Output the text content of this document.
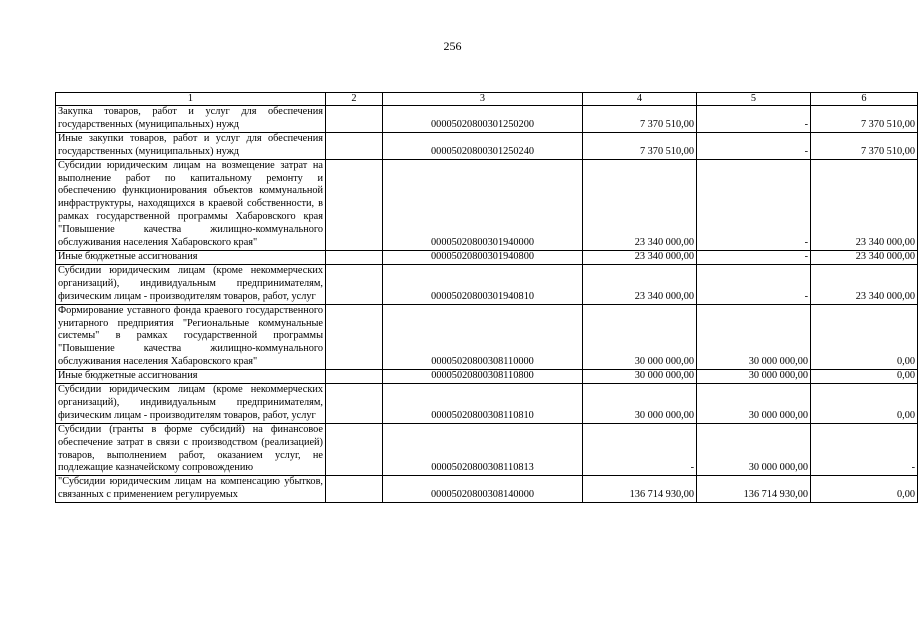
256
1	2	3	4	5	6
Закупка товаров, работ и услуг для обеспечения государственных (муниципальных) нужд		00005020800301250200	7 370 510,00	-	7 370 510,00
Иные закупки товаров, работ и услуг для обеспечения государственных (муниципальных) нужд		00005020800301250240	7 370 510,00	-	7 370 510,00
Субсидии юридическим лицам на возмещение затрат на выполнение работ по капитальному ремонту и обеспечению функционирования объектов коммунальной инфраструктуры, находящихся в краевой собственности, в рамках государственной программы Хабаровского края "Повышение качества жилищно-коммунального обслуживания населения Хабаровского края"		00005020800301940000	23 340 000,00	-	23 340 000,00
Иные бюджетные ассигнования		00005020800301940800	23 340 000,00	-	23 340 000,00
Субсидии юридическим лицам (кроме некоммерческих организаций), индивидуальным предпринимателям, физическим лицам - производителям товаров, работ, услуг		00005020800301940810	23 340 000,00	-	23 340 000,00
Формирование уставного фонда краевого государственного унитарного предприятия "Региональные коммунальные системы" в рамках государственной программы "Повышение качества жилищно-коммунального обслуживания населения Хабаровского края"		00005020800308110000	30 000 000,00	30 000 000,00	0,00
Иные бюджетные ассигнования		00005020800308110800	30 000 000,00	30 000 000,00	0,00
Субсидии юридическим лицам (кроме некоммерческих организаций), индивидуальным предпринимателям, физическим лицам - производителям товаров, работ, услуг		00005020800308110810	30 000 000,00	30 000 000,00	0,00
Субсидии (гранты в форме субсидий) на финансовое обеспечение затрат в связи с производством (реализацией) товаров, выполнением работ, оказанием услуг, не подлежащие казначейскому сопровождению		00005020800308110813	-	30 000 000,00	-
"Субсидии юридическим лицам на компенсацию убытков, связанных с применением регулируемых		00005020800308140000	136 714 930,00	136 714 930,00	0,00
